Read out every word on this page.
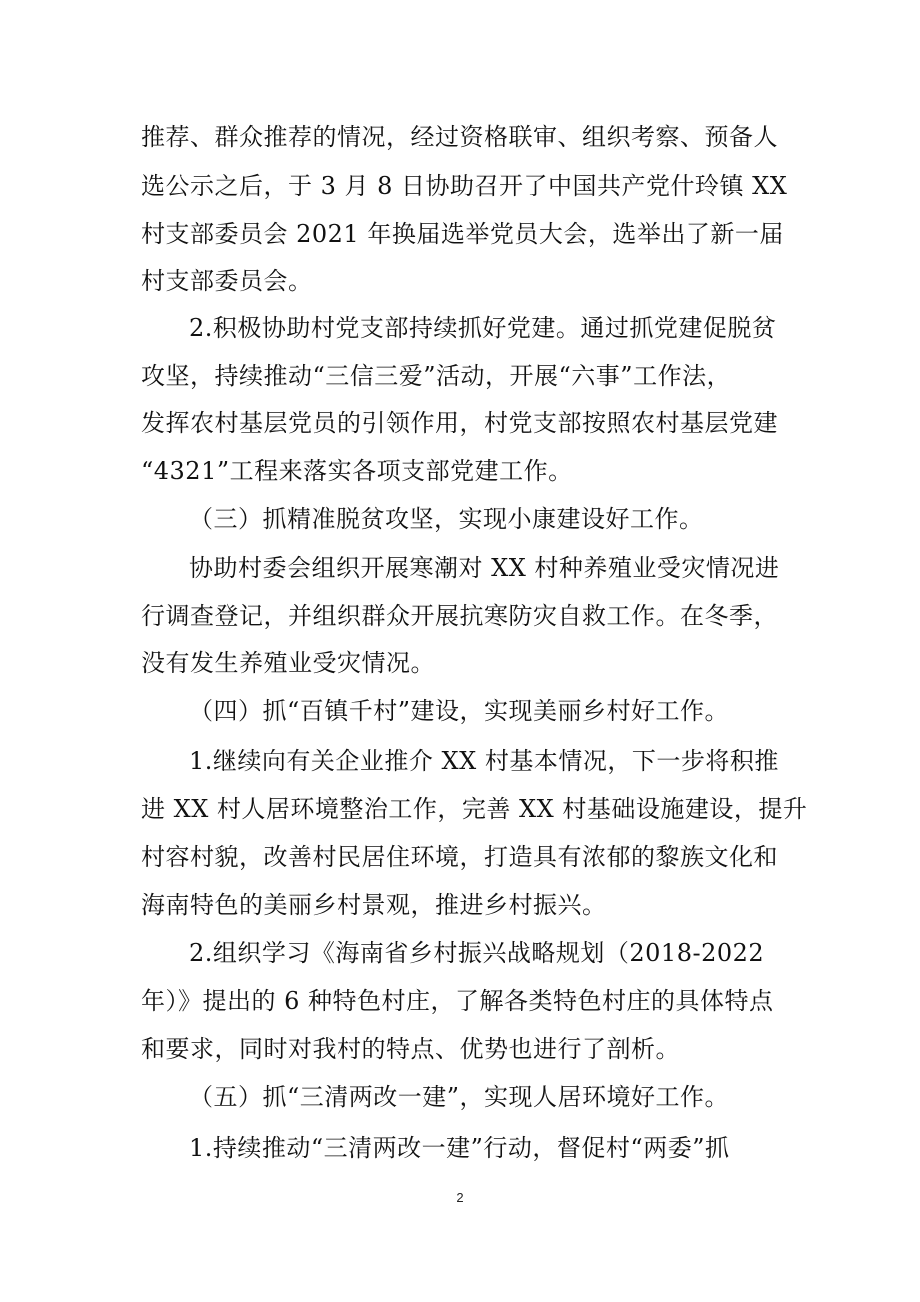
推荐、群众推荐的情况，经过资格联审、组织考察、预备人
选公示之后，于 3 月 8 日协助召开了中国共产党什玲镇 XX
村支部委员会 2021 年换届选举党员大会，选举出了新一届
村支部委员会。
2.积极协助村党支部持续抓好党建。通过抓党建促脱贫
攻坚，持续推动“三信三爱”活动，开展“六事”工作法，
发挥农村基层党员的引领作用，村党支部按照农村基层党建
“4321”工程来落实各项支部党建工作。
（三）抓精准脱贫攻坚，实现小康建设好工作。
协助村委会组织开展寒潮对 XX 村种养殖业受灾情况进
行调查登记，并组织群众开展抗寒防灾自救工作。在冬季，
没有发生养殖业受灾情况。
（四）抓“百镇千村”建设，实现美丽乡村好工作。
1.继续向有关企业推介 XX 村基本情况，下一步将积推
进 XX 村人居环境整治工作，完善 XX 村基础设施建设，提升
村容村貌，改善村民居住环境，打造具有浓郁的黎族文化和
海南特色的美丽乡村景观，推进乡村振兴。
2.组织学习《海南省乡村振兴战略规划（2018-2022
年）》提出的 6 种特色村庄，了解各类特色村庄的具体特点
和要求，同时对我村的特点、优势也进行了剖析。
（五）抓“三清两改一建”，实现人居环境好工作。
1.持续推动“三清两改一建”行动，督促村“两委”抓
2
